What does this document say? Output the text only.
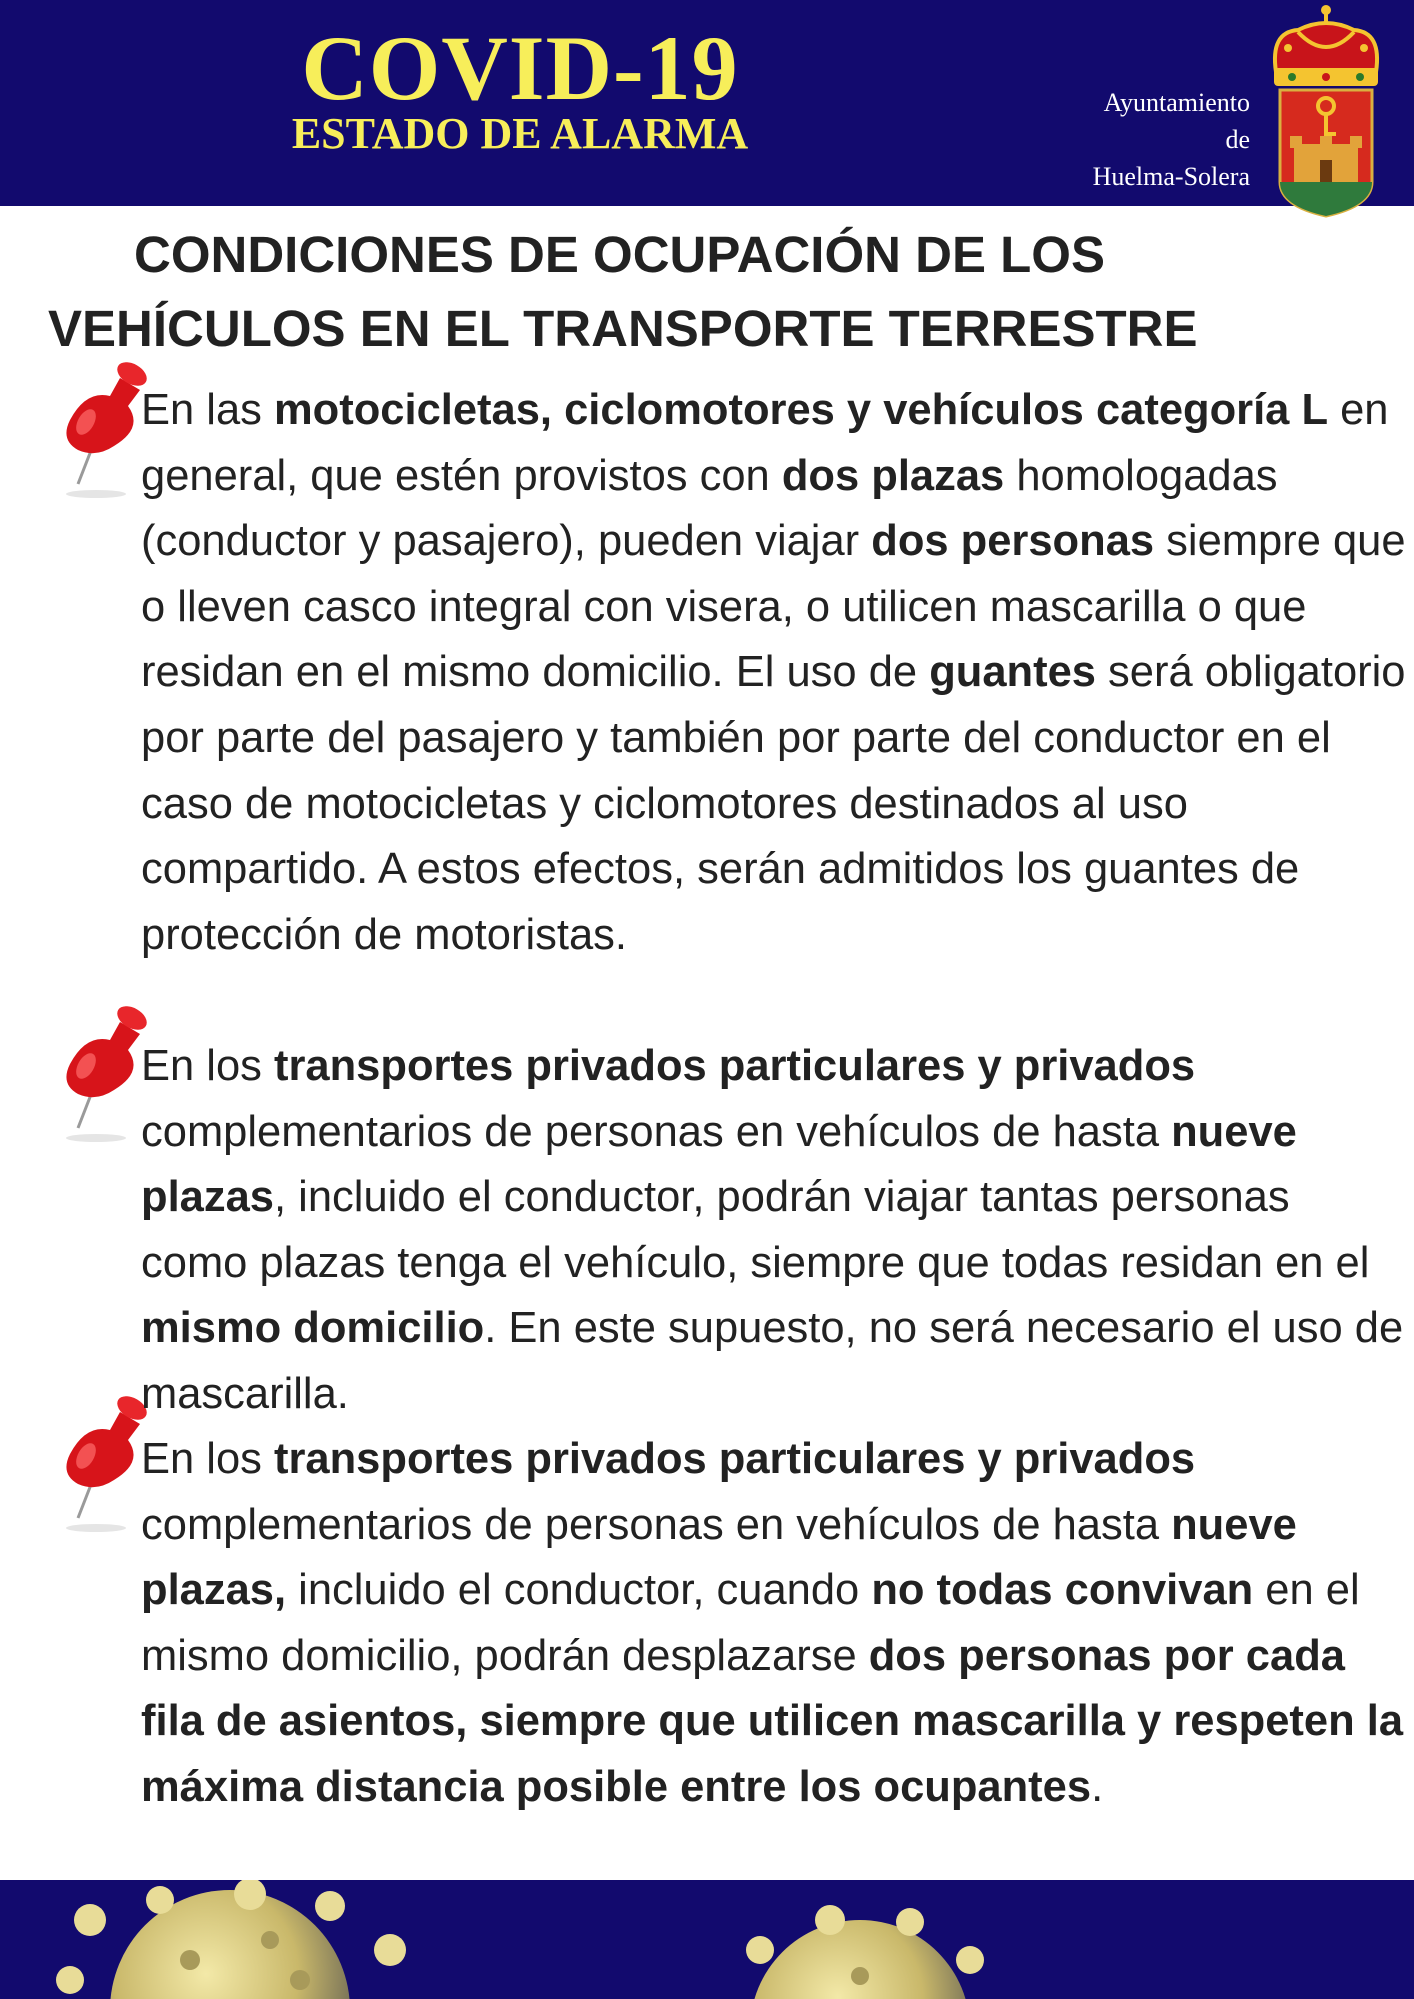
COVID-19
ESTADO DE ALARMA
Ayuntamiento
de
Huelma-Solera
CONDICIONES DE OCUPACIÓN DE LOS
VEHÍCULOS EN EL TRANSPORTE TERRESTRE
En las motocicletas, ciclomotores y vehículos categoría L en general, que estén provistos con dos plazas homologadas (conductor y pasajero), pueden viajar dos personas siempre que o lleven casco integral con visera, o utilicen mascarilla o que residan en el mismo domicilio. El uso de guantes será obligatorio por parte del pasajero y también por parte del conductor en el caso de motocicletas y ciclomotores destinados al uso compartido. A estos efectos, serán admitidos los guantes de protección de motoristas.
En los transportes privados particulares y privados complementarios de personas en vehículos de hasta nueve plazas, incluido el conductor, podrán viajar tantas personas como plazas tenga el vehículo, siempre que todas residan en el mismo domicilio. En este supuesto, no será necesario el uso de mascarilla.
En los transportes privados particulares y privados complementarios de personas en vehículos de hasta nueve plazas, incluido el conductor, cuando no todas convivan en el mismo domicilio, podrán desplazarse dos personas por cada fila de asientos, siempre que utilicen mascarilla y respeten la máxima distancia posible entre los ocupantes.
